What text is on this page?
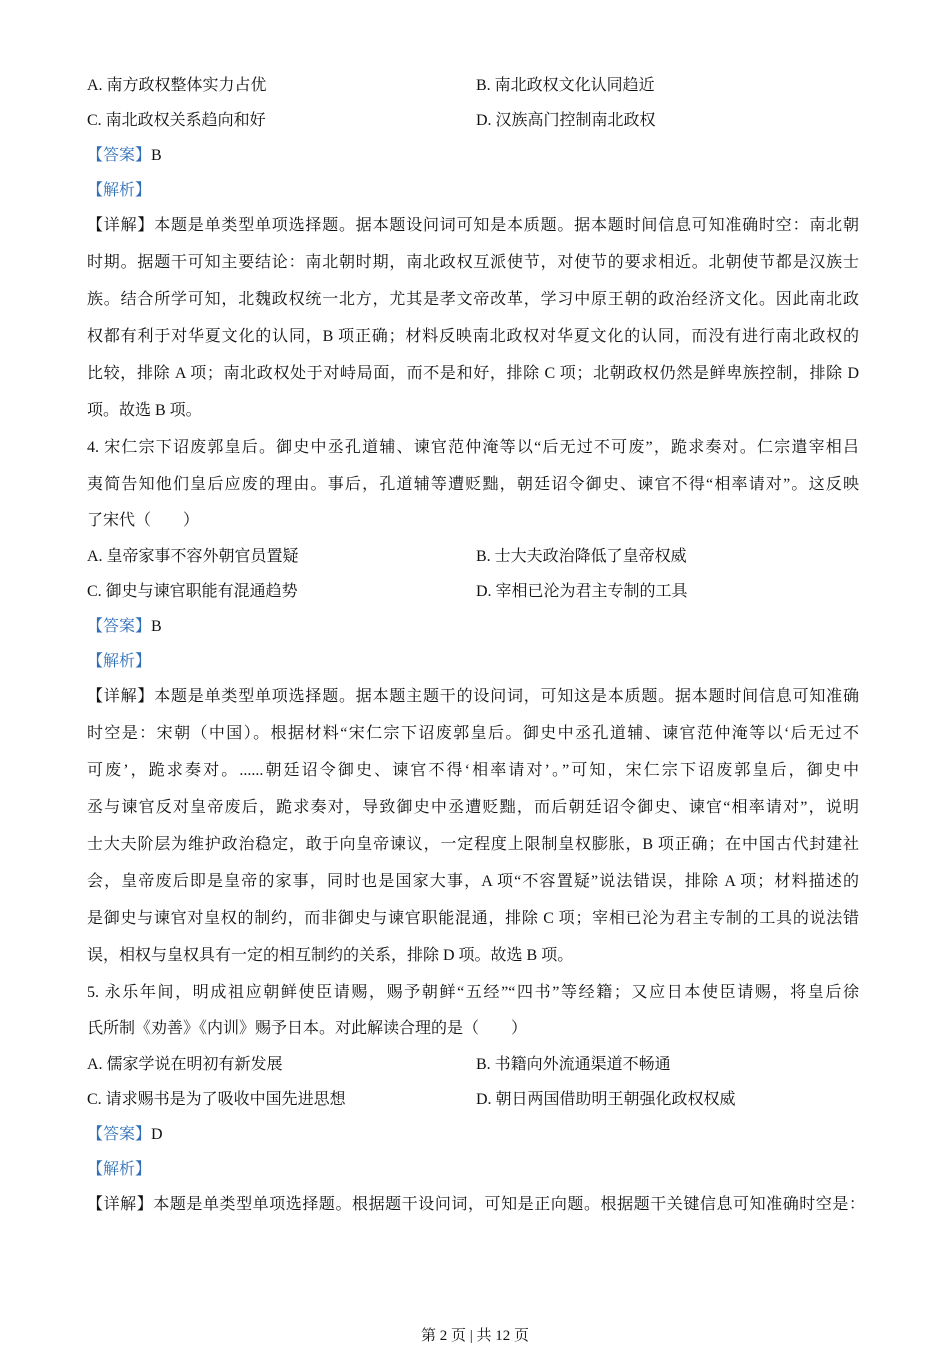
A. 南方政权整体实力占优	B. 南北政权文化认同趋近
C. 南北政权关系趋向和好	D. 汉族高门控制南北政权
【答案】B
【解析】
【详解】本题是单类型单项选择题。据本题设问词可知是本质题。据本题时间信息可知准确时空：南北朝
时期。据题干可知主要结论：南北朝时期，南北政权互派使节，对使节的要求相近。北朝使节都是汉族士
族。结合所学可知，北魏政权统一北方，尤其是孝文帝改革，学习中原王朝的政治经济文化。因此南北政
权都有利于对华夏文化的认同，B 项正确；材料反映南北政权对华夏文化的认同，而没有进行南北政权的
比较，排除 A 项；南北政权处于对峙局面，而不是和好，排除 C 项；北朝政权仍然是鲜卑族控制，排除 D
项。故选 B 项。
4. 宋仁宗下诏废郭皇后。御史中丞孔道辅、谏官范仲淹等以“后无过不可废”，跪求奏对。仁宗遣宰相吕
夷简告知他们皇后应废的理由。事后，孔道辅等遭贬黜，朝廷诏令御史、谏官不得“相率请对”。这反映
了宋代（　　）
A. 皇帝家事不容外朝官员置疑	B. 士大夫政治降低了皇帝权威
C. 御史与谏官职能有混通趋势	D. 宰相已沦为君主专制的工具
【答案】B
【解析】
【详解】本题是单类型单项选择题。据本题主题干的设问词，可知这是本质题。据本题时间信息可知准确
时空是：宋朝（中国）。根据材料“宋仁宗下诏废郭皇后。御史中丞孔道辅、谏官范仲淹等以‘后无过不
可废’，跪求奏对。......朝廷诏令御史、谏官不得‘相率请对’。”可知，宋仁宗下诏废郭皇后，御史中
丞与谏官反对皇帝废后，跪求奏对，导致御史中丞遭贬黜，而后朝廷诏令御史、谏官“相率请对”，说明
士大夫阶层为维护政治稳定，敢于向皇帝谏议，一定程度上限制皇权膨胀，B 项正确；在中国古代封建社
会，皇帝废后即是皇帝的家事，同时也是国家大事，A 项“不容置疑”说法错误，排除 A 项；材料描述的
是御史与谏官对皇权的制约，而非御史与谏官职能混通，排除 C 项；宰相已沦为君主专制的工具的说法错
误，相权与皇权具有一定的相互制约的关系，排除 D 项。故选 B 项。
5. 永乐年间，明成祖应朝鲜使臣请赐，赐予朝鲜“五经”“四书”等经籍；又应日本使臣请赐，将皇后徐
氏所制《劝善》《内训》赐予日本。对此解读合理的是（　　）
A. 儒家学说在明初有新发展	B. 书籍向外流通渠道不畅通
C. 请求赐书是为了吸收中国先进思想	D. 朝日两国借助明王朝强化政权权威
【答案】D
【解析】
【详解】本题是单类型单项选择题。根据题干设问词，可知是正向题。根据题干关键信息可知准确时空是：
第 2 页 | 共 12 页
